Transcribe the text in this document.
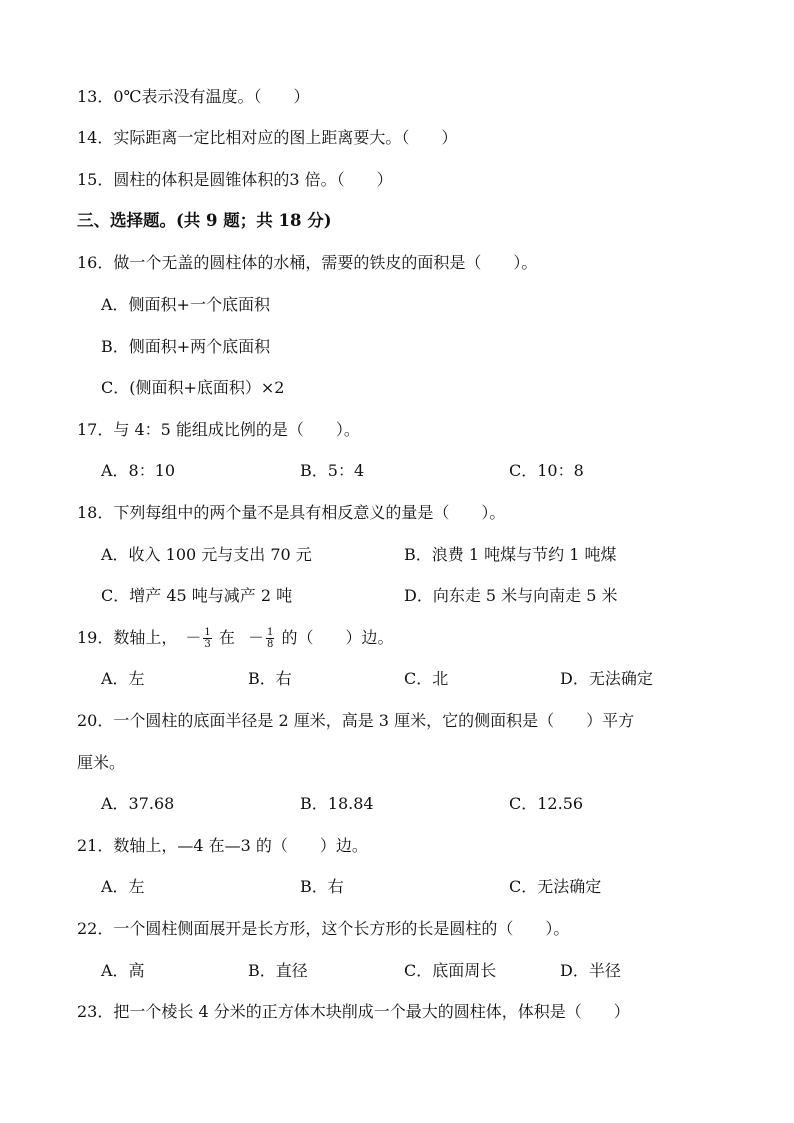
13．0℃表示没有温度。（　　）
14．实际距离一定比相对应的图上距离要大。（　　）
15．圆柱的体积是圆锥体积的3 倍。（　　）
三、选择题。(共 9 题；共 18 分)
16．做一个无盖的圆柱体的水桶，需要的铁皮的面积是（　　）。
A．侧面积+一个底面积
B．侧面积+两个底面积
C．(侧面积+底面积）×2
17．与 4：5 能组成比例的是（　　）。
A．8：10	B．5：4	C．10：8
18．下列每组中的两个量不是具有相反意义的量是（　　）。
A．收入 100 元与支出 70 元	B．浪费 1 吨煤与节约 1 吨煤
C．增产 45 吨与减产 2 吨	D．向东走 5 米与向南走 5 米
19．数轴上， － $\frac{1}{3}$ 在 － $\frac{1}{8}$ 的（　　）边。
A．左	B．右	C．北	D．无法确定
20．一个圆柱的底面半径是 2 厘米，高是 3 厘米，它的侧面积是（　　）平方
厘米。
A．37.68	B．18.84	C．12.56
21．数轴上，—4 在—3 的（　　）边。
A．左	B．右	C．无法确定
22．一个圆柱侧面展开是长方形，这个长方形的长是圆柱的（　　）。
A．高	B．直径	C．底面周长	D．半径
23．把一个棱长 4 分米的正方体木块削成一个最大的圆柱体，体积是（　　）
